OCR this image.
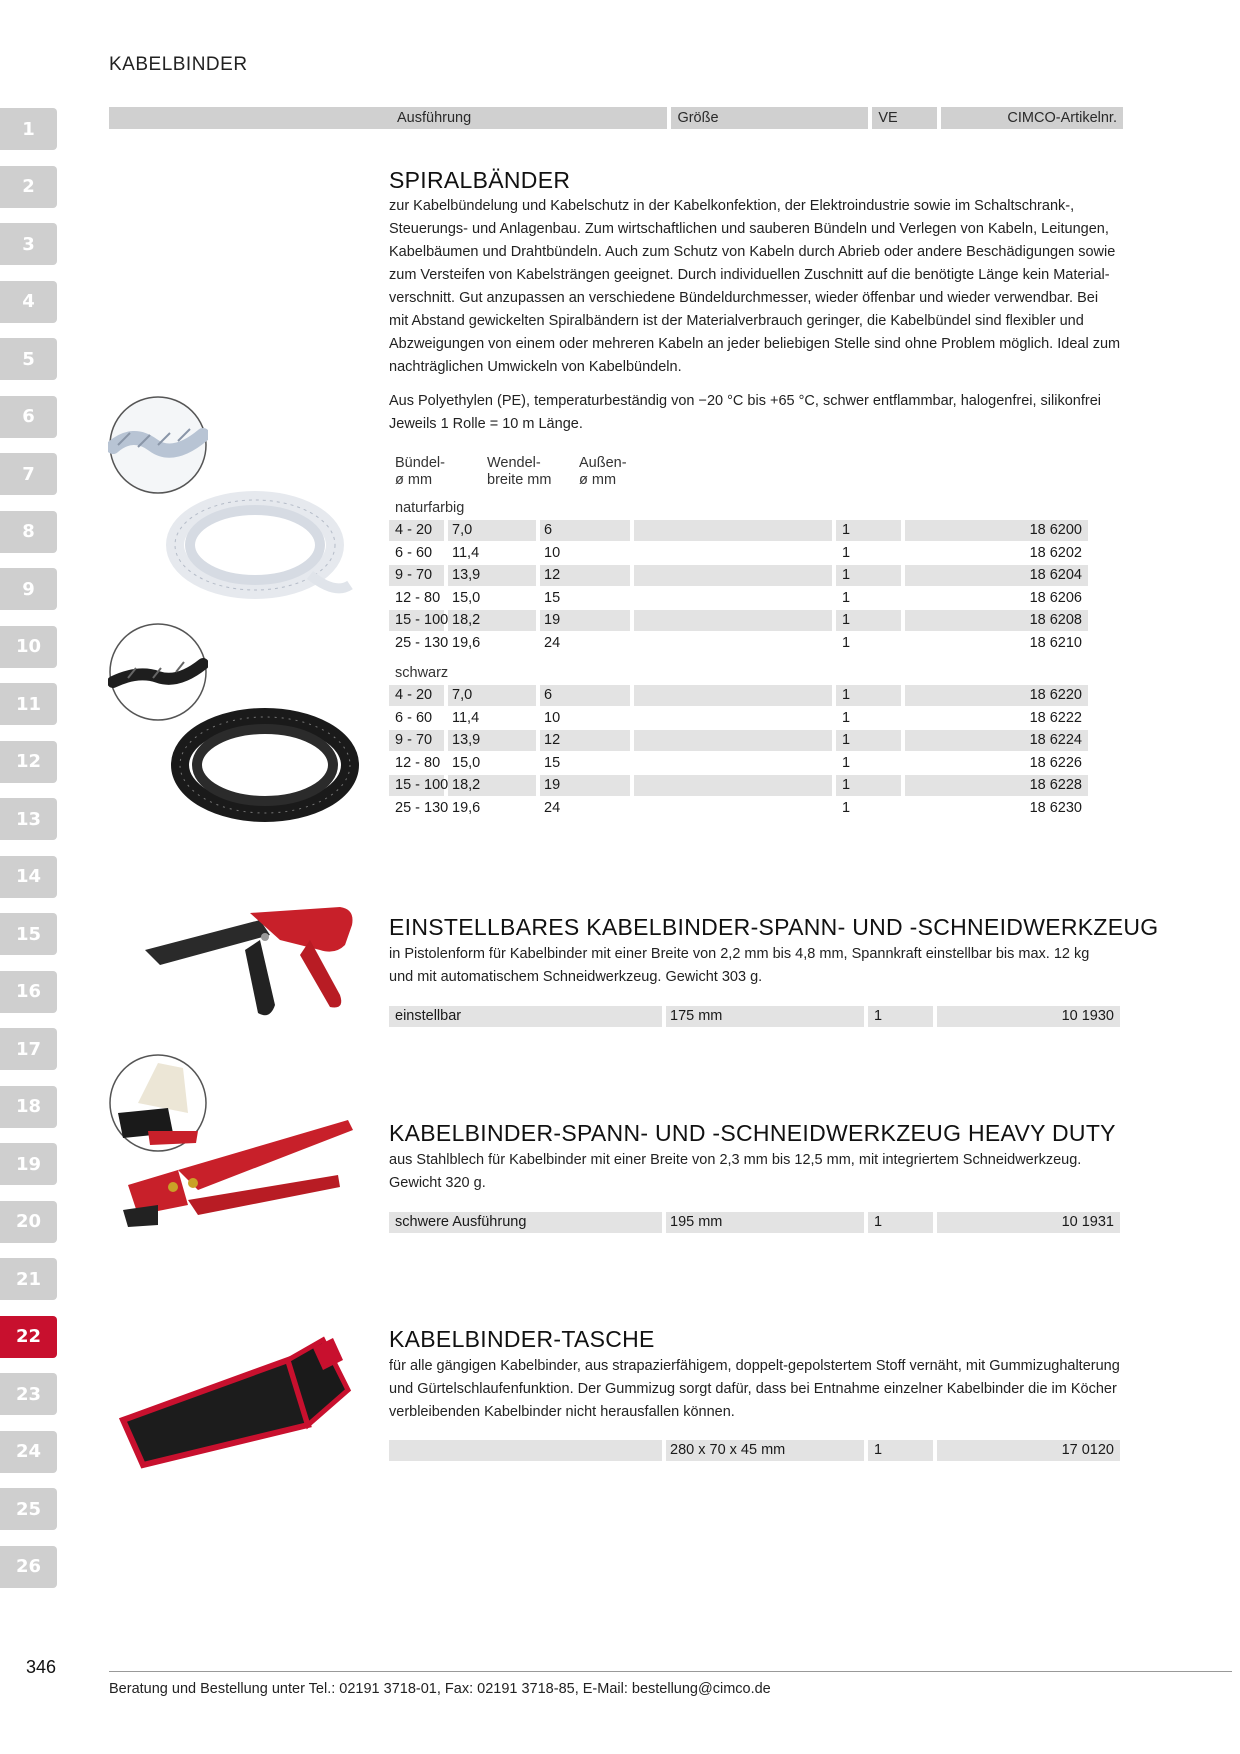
KABELBINDER
1
2
3
4
5
6
7
8
9
10
11
12
13
14
15
16
17
18
19
20
21
22
23
24
25
26
Ausführung	Größe	VE	CIMCO-Artikelnr.
SPIRALBÄNDER
zur Kabelbündelung und Kabelschutz in der Kabelkonfektion, der Elektroindustrie sowie im Schaltschrank-,
Steuerungs- und Anlagenbau. Zum wirtschaftlichen und sauberen Bündeln und Verlegen von Kabeln, Leitungen,
Kabelbäumen und Drahtbündeln. Auch zum Schutz von Kabeln durch Abrieb oder andere Beschädigungen sowie
zum Versteifen von Kabelsträngen geeignet. Durch individuellen Zuschnitt auf die benötigte Länge kein Material-
verschnitt. Gut anzupassen an verschiedene Bündeldurchmesser, wieder öffenbar und wieder verwendbar. Bei
mit Abstand gewickelten Spiralbändern ist der Materialverbrauch geringer, die Kabelbündel sind flexibler und
Abzweigungen von einem oder mehreren Kabeln an jeder beliebigen Stelle sind ohne Problem möglich. Ideal zum
nachträglichen Umwickeln von Kabelbündeln.
Aus Polyethylen (PE), temperaturbeständig von −20 °C bis +65 °C, schwer entflammbar, halogenfrei, silikonfrei
Jeweils 1 Rolle = 10 m Länge.
Bündel-
ø mm
Wendel-
breite mm
Außen-
ø mm
naturfarbig
4 - 20	7,0	6	1	18 6200
6 - 60	11,4	10	1	18 6202
9 - 70	13,9	12	1	18 6204
12 - 80 15,0	15	1	18 6206
15 - 100 18,2	19	1	18 6208
25 - 130 19,6	24	1	18 6210
schwarz
4 - 20	7,0	6	1	18 6220
6 - 60	11,4	10	1	18 6222
9 - 70	13,9	12	1	18 6224
12 - 80 15,0	15	1	18 6226
15 - 100 18,2	19	1	18 6228
25 - 130 19,6	24	1	18 6230
EINSTELLBARES KABELBINDER-SPANN- UND -SCHNEIDWERKZEUG
in Pistolenform für Kabelbinder mit einer Breite von 2,2 mm bis 4,8 mm, Spannkraft einstellbar bis max. 12 kg
und mit automatischem Schneidwerkzeug. Gewicht 303 g.
einstellbar	175 mm	1	10 1930
KABELBINDER-SPANN- UND -SCHNEIDWERKZEUG HEAVY DUTY
aus Stahlblech für Kabelbinder mit einer Breite von 2,3 mm bis 12,5 mm, mit integriertem Schneidwerkzeug.
Gewicht 320 g.
schwere Ausführung	195 mm	1	10 1931
KABELBINDER-TASCHE
für alle gängigen Kabelbinder, aus strapazierfähigem, doppelt-gepolstertem Stoff vernäht, mit Gummizughalterung
und Gürtelschlaufenfunktion. Der Gummizug sorgt dafür, dass bei Entnahme einzelner Kabelbinder die im Köcher
verbleibenden Kabelbinder nicht herausfallen können.
280 x 70 x 45 mm	1	17 0120
346
Beratung und Bestellung unter Tel.: 02191 3718-01, Fax: 02191 3718-85, E-Mail: bestellung@cimco.de
